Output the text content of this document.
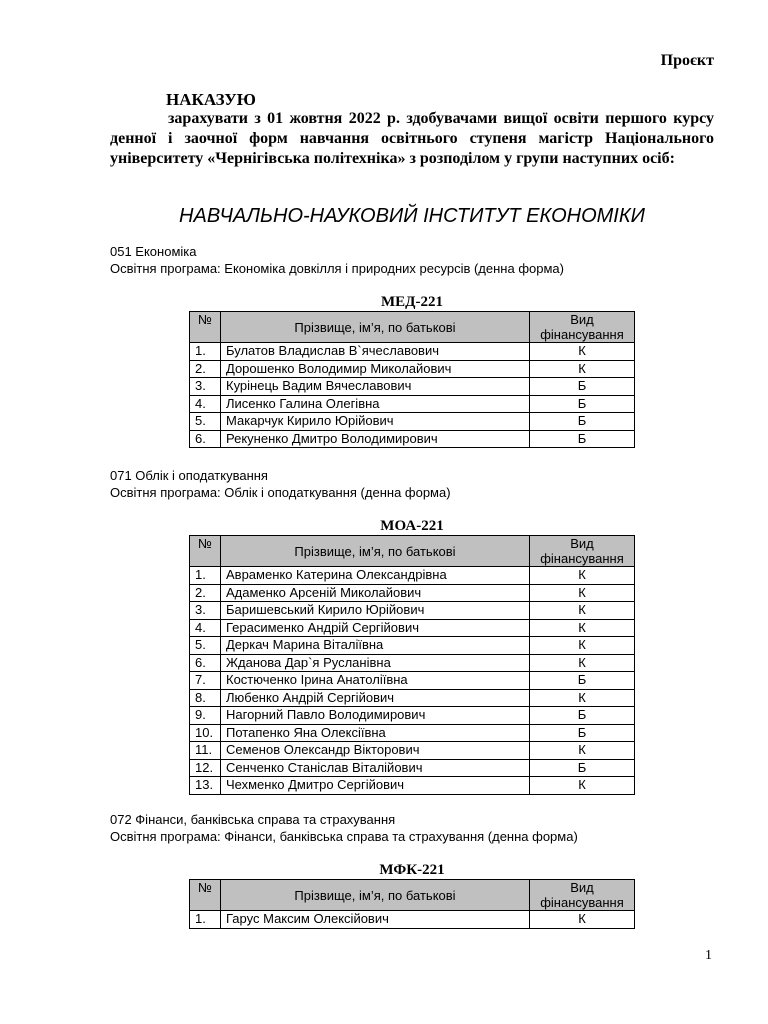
Проєкт
НАКАЗУЮ
зарахувати з 01 жовтня 2022 р. здобувачами вищої освіти першого курсу денної і заочної форм навчання освітнього ступеня магістр Національного університету «Чернігівська політехніка» з розподілом у групи наступних осіб:
НАВЧАЛЬНО-НАУКОВИЙ ІНСТИТУТ ЕКОНОМІКИ
051 Економіка
Освітня програма: Економіка довкілля і природних ресурсів (денна форма)
МЕД-221
№	Прізвище, ім’я, по батькові	Вид фінансування
1.	Булатов Владислав В`ячеславович	К
2.	Дорошенко Володимир Миколайович	К
3.	Курінець Вадим Вячеславович	Б
4.	Лисенко Галина Олегівна	Б
5.	Макарчук Кирило Юрійович	Б
6.	Рекуненко Дмитро Володимирович	Б
071 Облік і оподаткування
Освітня програма: Облік і оподаткування (денна форма)
МОА-221
№	Прізвище, ім’я, по батькові	Вид фінансування
1.	Авраменко Катерина Олександрівна	К
2.	Адаменко Арсеній Миколайович	К
3.	Баришевський Кирило Юрійович	К
4.	Герасименко Андрій Сергійович	К
5.	Деркач Марина Віталіївна	К
6.	Жданова Дар`я Русланівна	К
7.	Костюченко Ірина Анатоліївна	Б
8.	Любенко Андрій Сергійович	К
9.	Нагорний Павло Володимирович	Б
10.	Потапенко Яна Олексіївна	Б
11.	Семенов Олександр Вікторович	К
12.	Сенченко Станіслав Віталійович	Б
13.	Чехменко Дмитро Сергійович	К
072 Фінанси, банківська справа та страхування
Освітня програма: Фінанси, банківська справа та страхування (денна форма)
МФК-221
№	Прізвище, ім’я, по батькові	Вид фінансування
1.	Гарус Максим Олексійович	К
1
